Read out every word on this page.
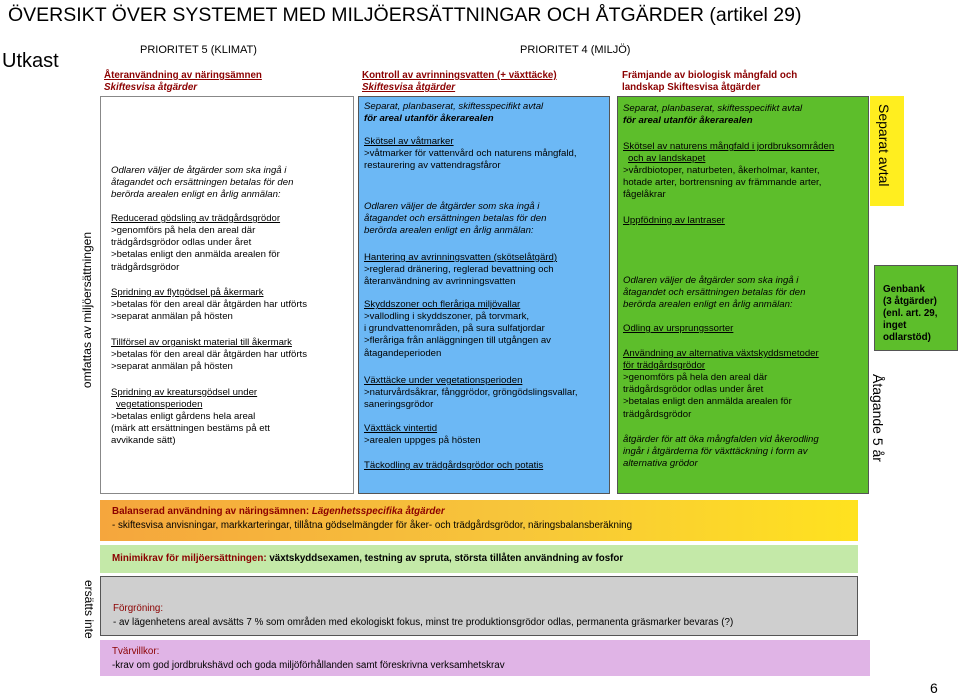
ÖVERSIKT ÖVER SYSTEMET MED MILJÖERSÄTTNINGAR OCH ÅTGÄRDER (artikel 29)
Utkast	PRIORITET 5 (KLIMAT)	PRIORITET 4 (MILJÖ)
Återanvändning av näringsämnen
Skiftesvisa åtgärder
Kontroll av avrinningsvatten (+ växttäcke)
Skiftesvisa åtgärder
Främjande av biologisk mångfald och
landskap Skiftesvisa åtgärder
omfattas av miljöersättningen
Odlaren väljer de åtgärder som ska ingå i
åtagandet och ersättningen betalas för den
berörda arealen enligt en årlig anmälan:
Reducerad gödsling av trädgårdsgrödor
>genomförs på hela den areal där
trädgårdsgrödor odlas under året
>betalas enligt den anmälda arealen för
trädgårdsgrödor
Spridning av flytgödsel på åkermark
>betalas för den areal där åtgärden har utförts
>separat anmälan på hösten
Tillförsel av organiskt material till åkermark
>betalas för den areal där åtgärden har utförts
>separat anmälan på hösten
Spridning av kreatursgödsel under
vegetationsperioden
>betalas enligt gårdens hela areal
(märk att ersättningen bestäms på ett
avvikande sätt)
Separat, planbaserat, skiftesspecifikt avtal
för areal utanför åkerarealen
Skötsel av våtmarker
>våtmarker för vattenvård och naturens mångfald,
restaurering av vattendragsfåror
Odlaren väljer de åtgärder som ska ingå i
åtagandet och ersättningen betalas för den
berörda arealen enligt en årlig anmälan:
Hantering av avrinningsvatten (skötselåtgärd)
>reglerad dränering, reglerad bevattning och
återanvändning av avrinningsvatten
Skyddszoner och fleråriga miljövallar
>vallodling i skyddszoner, på torvmark,
i grundvattenområden, på sura sulfatjordar
>fleråriga från anläggningen till utgången av
åtagandeperioden
Växttäcke under vegetationsperioden
>naturvårdsåkrar, fånggrödor, gröngödslingsvallar,
saneringsgrödor
Växttäck vintertid
>arealen uppges på hösten
Täckodling av trädgårdsgrödor och potatis
Separat, planbaserat, skiftesspecifikt avtal
för areal utanför åkerarealen
Skötsel av naturens mångfald i jordbruksområden
och av landskapet
>vårdbiotoper, naturbeten, åkerholmar, kanter,
hotade arter, bortrensning av främmande arter,
fågelåkrar
Uppfödning av lantraser
Odlaren väljer de åtgärder som ska ingå i
åtagandet och ersättningen betalas för den
berörda arealen enligt en årlig anmälan:
Odling av ursprungssorter
Användning av alternativa växtskyddsmetoder
för trädgårdsgrödor
>genomförs på hela den areal där
trädgårdsgrödor odlas under året
>betalas enligt den anmälda arealen för
trädgårdsgrödor
åtgärder för att öka mångfalden vid åkerodling
ingår i åtgärderna för växttäckning i form av
alternativa grödor
Separat avtal
Genbank
(3 åtgärder)
(enl. art. 29,
inget
odlarstöd)
Åtagande 5 år
Balanserad användning av näringsämnen: Lägenhetsspecifika åtgärder
- skiftesvisa anvisningar, markkarteringar, tillåtna gödselmängder för åker- och trädgårdsgrödor, näringsbalansberäkning
Minimikrav för miljöersättningen: växtskyddsexamen, testning av spruta, största tillåten användning av fosfor
ersätts inte Förgröning:
- av lägenhetens areal avsätts 7 % som områden med ekologiskt fokus, minst tre produktionsgrödor odlas, permanenta gräsmarker bevaras (?)
Tvärvillkor:
-krav om god jordbrukshävd och goda miljöförhållanden samt föreskrivna verksamhetskrav
6
